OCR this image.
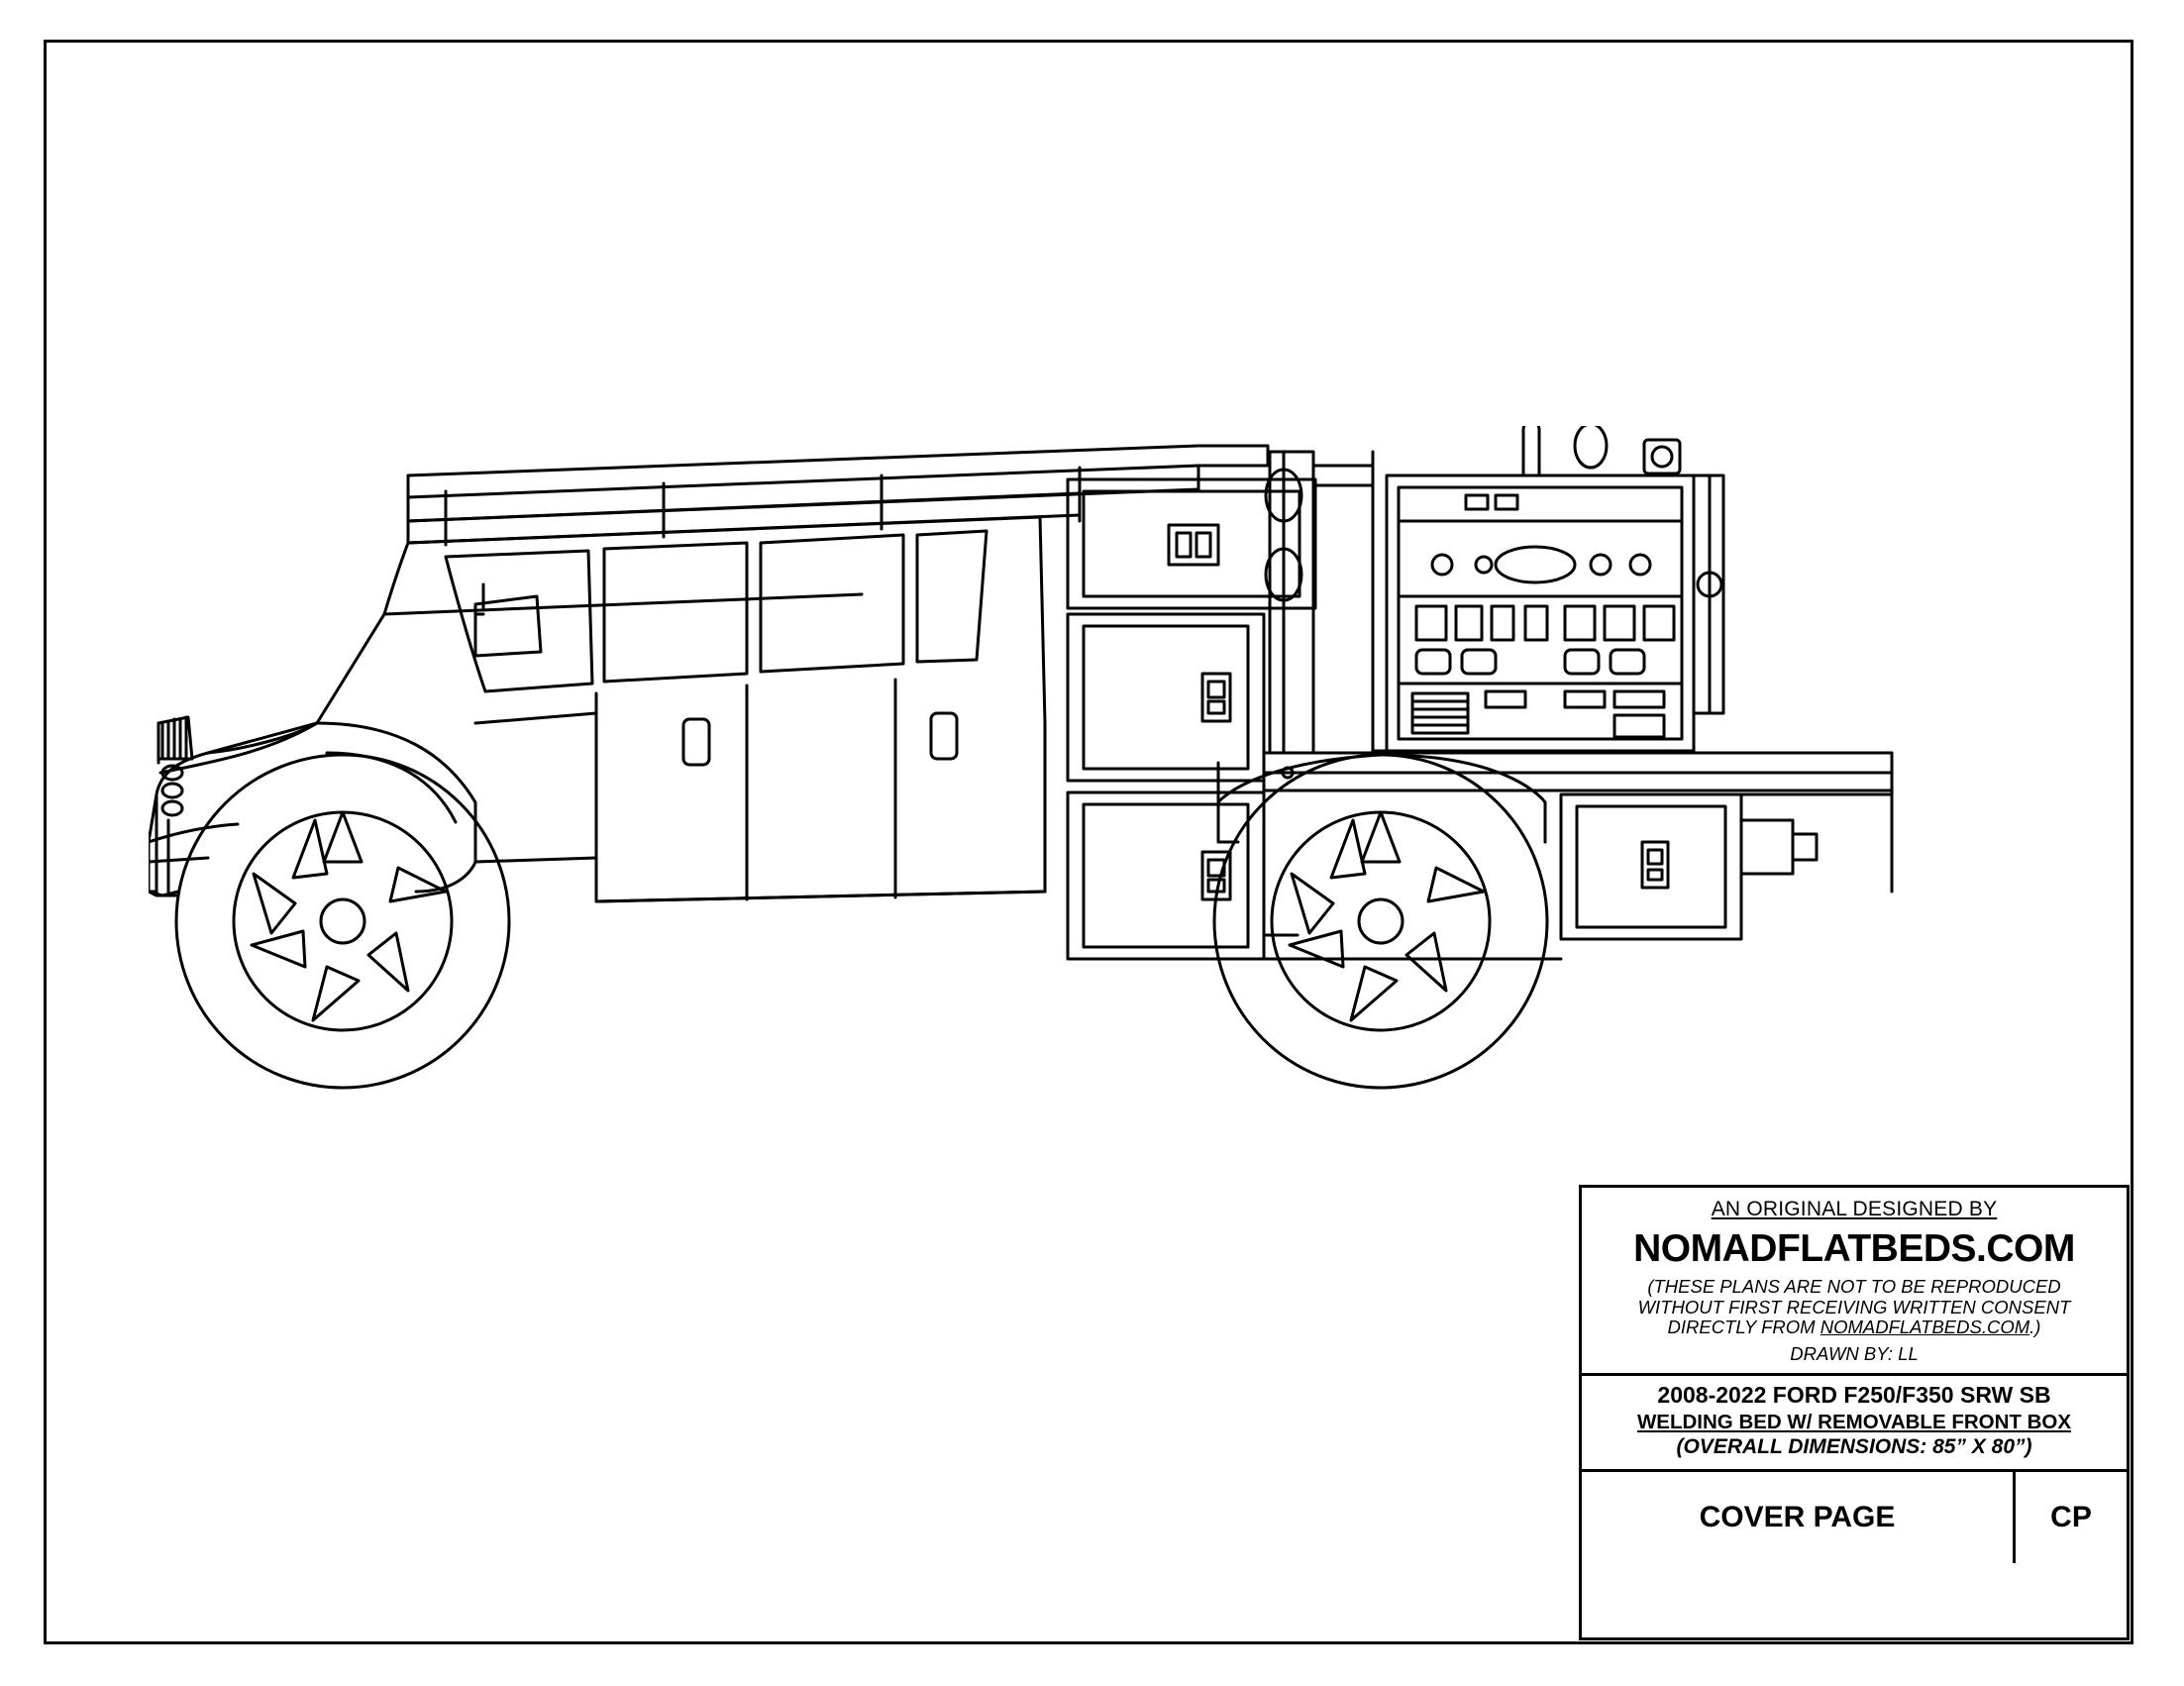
AN ORIGINAL DESIGNED BY
NOMADFLATBEDS.COM
(THESE PLANS ARE NOT TO BE REPRODUCED
WITHOUT FIRST RECEIVING WRITTEN CONSENT
DIRECTLY FROM NOMADFLATBEDS.COM.)
DRAWN BY: LL
2008-2022 FORD F250/F350 SRW SB
WELDING BED W/ REMOVABLE FRONT BOX
(OVERALL DIMENSIONS: 85” X 80”)
COVER PAGE	CP
